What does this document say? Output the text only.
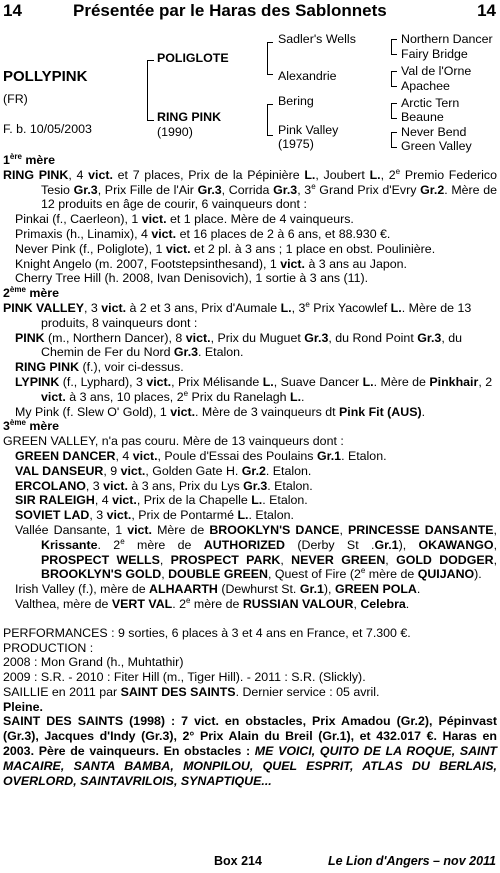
14	Présentée par le Haras des Sablonnets	14
POLLYPINK
(FR)
F. b. 10/05/2003
POLIGLOTE
RING PINK
(1990)
Sadler's Wells
Alexandrie
Bering
Pink Valley
(1975)
Northern Dancer
Fairy Bridge
Val de l'Orne
Apachee
Arctic Tern
Beaune
Never Bend
Green Valley

1ère mère

RING PINK, 4 vict. et 7 places, Prix de la Pépinière L., Joubert L., 2e Premio Federico Tesio Gr.3, Prix Fille de l'Air Gr.3, Corrida Gr.3, 3e Grand Prix d'Evry Gr.2. Mère de 12 produits en âge de courir, 6 vainqueurs dont :

Pinkai (f., Caerleon), 1 vict. et 1 place. Mère de 4 vainqueurs.

Primaxis (h., Linamix), 4 vict. et 16 places de 2 à 6 ans, et 88.930 €.

Never Pink (f., Poliglote), 1 vict. et 2 pl. à 3 ans ; 1 place en obst. Poulinière.

Knight Angelo (m. 2007, Footstepsinthesand), 1 vict. à 3 ans au Japon.

Cherry Tree Hill (h. 2008, Ivan Denisovich), 1 sortie à 3 ans (11).

2ème mère

PINK VALLEY, 3 vict. à 2 et 3 ans, Prix d'Aumale L., 3e Prix Yacowlef L.. Mère de 13 produits, 8 vainqueurs dont :

PINK (m., Northern Dancer), 8 vict., Prix du Muguet Gr.3, du Rond Point Gr.3, du Chemin de Fer du Nord Gr.3. Etalon.

RING PINK (f.), voir ci-dessus.

LYPINK (f., Lyphard), 3 vict., Prix Mélisande L., Suave Dancer L.. Mère de Pinkhair, 2 vict. à 3 ans, 10 places, 2e Prix du Ranelagh L..

My Pink (f. Slew O' Gold), 1 vict.. Mère de 3 vainqueurs dt Pink Fit (AUS).

3ème mère

GREEN VALLEY, n'a pas couru. Mère de 13 vainqueurs dont :

GREEN DANCER, 4 vict., Poule d'Essai des Poulains Gr.1. Etalon.

VAL DANSEUR, 9 vict., Golden Gate H. Gr.2. Etalon.

ERCOLANO, 3 vict. à 3 ans, Prix du Lys Gr.3. Etalon.

SIR RALEIGH, 4 vict., Prix de la Chapelle L.. Etalon.

SOVIET LAD, 3 vict., Prix de Pontarmé L.. Etalon.

Vallée Dansante, 1 vict. Mère de BROOKLYN'S DANCE, PRINCESSE DANSANTE, Krissante. 2e mère de AUTHORIZED (Derby St .Gr.1), OKAWANGO, PROSPECT WELLS, PROSPECT PARK, NEVER GREEN, GOLD DODGER, BROOKLYN'S GOLD, DOUBLE GREEN, Quest of Fire (2e mère de QUIJANO).

Irish Valley (f.), mère de ALHAARTH (Dewhurst St. Gr.1), GREEN POLA.

Valthea, mère de VERT VAL. 2e mère de RUSSIAN VALOUR, Celebra.

PERFORMANCES : 9 sorties, 6 places à 3 et 4 ans en France, et 7.300 €.

PRODUCTION :

2008 : Mon Grand (h., Muhtathir)

2009 : S.R. - 2010 : Fiter Hill (m., Tiger Hill). - 2011 : S.R. (Slickly).

SAILLIE en 2011 par SAINT DES SAINTS. Dernier service : 05 avril.

Pleine.

SAINT DES SAINTS (1998) : 7 vict. en obstacles, Prix Amadou (Gr.2), Pépinvast (Gr.3), Jacques d'Indy (Gr.3), 2° Prix Alain du Breil (Gr.1), et 432.017 €. Haras en 2003. Père de vainqueurs. En obstacles : ME VOICI, QUITO DE LA ROQUE, SAINT MACAIRE, SANTA BAMBA, MONPILOU, QUEL ESPRIT, ATLAS DU BERLAIS, OVERLORD, SAINTAVRILOIS, SYNAPTIQUE...

Box 214	Le Lion d'Angers – nov 2011
